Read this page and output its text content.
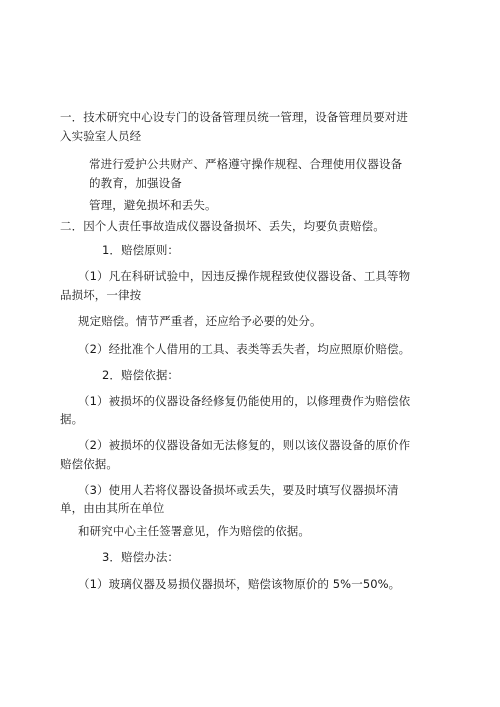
一．技术研究中心设专门的设备管理员统一管理，设备管理员要对进
入实验室人员经
常进行爱护公共财产、严格遵守操作规程、合理使用仪器设备
的教育，加强设备
管理，避免损坏和丢失。
二．因个人责任事故造成仪器设备损坏、丢失，均要负责赔偿。
1．赔偿原则：
（1）凡在科研试验中，因违反操作规程致使仪器设备、工具等物
品损坏，一律按
规定赔偿。情节严重者，还应给予必要的处分。
（2）经批准个人借用的工具、表类等丢失者，均应照原价赔偿。
2．赔偿依据：
（1）被损坏的仪器设备经修复仍能使用的，以修理费作为赔偿依
据。
（2）被损坏的仪器设备如无法修复的，则以该仪器设备的原价作
赔偿依据。
（3）使用人若将仪器设备损坏或丢失，要及时填写仪器损坏清
单，由由其所在单位
和研究中心主任签署意见，作为赔偿的依据。
3．赔偿办法：
（1）玻璃仪器及易损仪器损坏，赔偿该物原价的 5%一50%。
